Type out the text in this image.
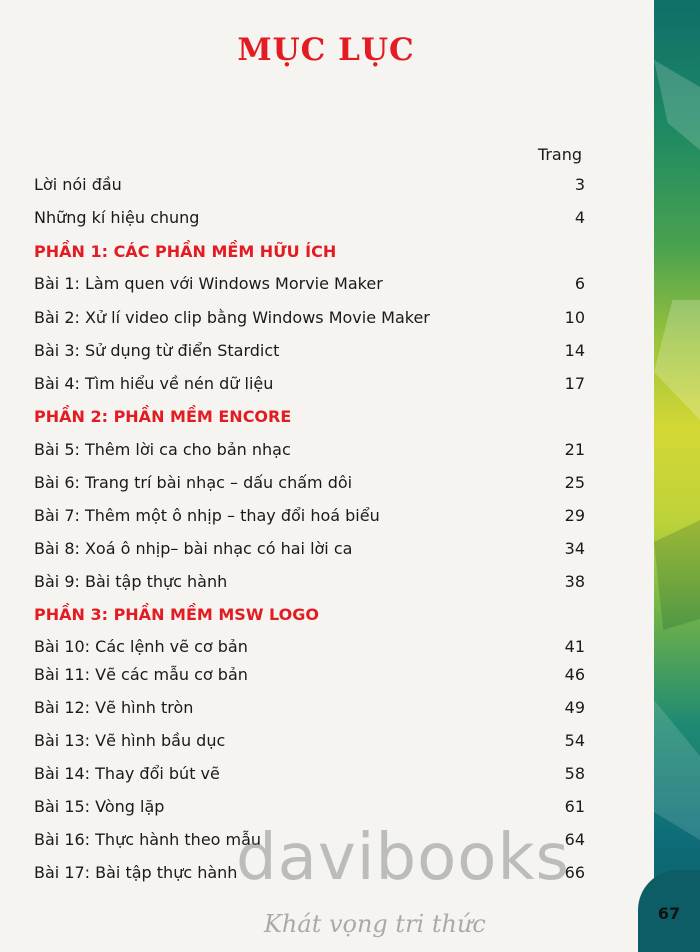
67
MỤC LỤC
Trang
Lời nói đầu	3
Những kí hiệu chung	4
PHẦN 1: CÁC PHẦN MỀM HỮU ÍCH
Bài 1: Làm quen với Windows Morvie Maker	6
Bài 2: Xử lí video clip bằng Windows Movie Maker	10
Bài 3: Sử dụng từ điển Stardict	14
Bài 4: Tìm hiểu về nén dữ liệu	17
PHẦN 2: PHẦN MỀM ENCORE
Bài 5: Thêm lời ca cho bản nhạc	21
Bài 6: Trang trí bài nhạc – dấu chấm dôi	25
Bài 7: Thêm một ô nhịp – thay đổi hoá biểu	29
Bài 8: Xoá ô nhịp– bài nhạc có hai lời ca	34
Bài 9: Bài tập thực hành	38
PHẦN 3: PHẦN MỀM MSW LOGO
Bài 10: Các lệnh vẽ cơ bản	41
Bài 11: Vẽ các mẫu cơ bản	46
Bài 12: Vẽ hình tròn	49
Bài 13: Vẽ hình bầu dục	54
Bài 14: Thay đổi bút vẽ	58
Bài 15: Vòng lặp	61
Bài 16: Thực hành theo mẫu	64
Bài 17: Bài tập thực hành	66
davibooks
Khát vọng tri thức
